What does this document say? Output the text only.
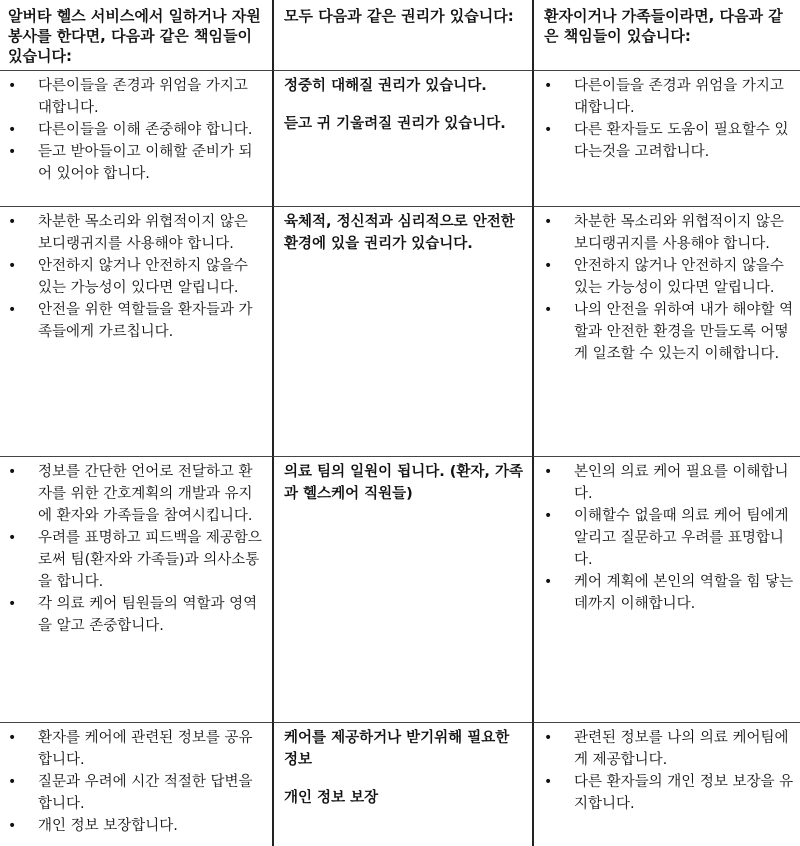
알버타 헬스 서비스에서 일하거나 자원봉사를 한다면, 다음과 같은 책임들이 있습니다:
모두 다음과 같은 권리가 있습니다:	환자이거나 가족들이라면, 다음과 같은 책임들이 있습니다:
• 다른이들을 존경과 위엄을 가지고 대합니다.
• 다른이들을 이해 존중해야 합니다.
• 듣고 받아들이고 이해할 준비가 되어 있어야 합니다.
정중히 대해질 권리가 있습니다.
듣고 귀 기울려질 권리가 있습니다.
• 다른이들을 존경과 위엄을 가지고 대합니다.
• 다른 환자들도 도움이 필요할수 있다는것을 고려합니다.
• 차분한 목소리와 위협적이지 않은 보디랭귀지를 사용해야 합니다.
• 안전하지 않거나 안전하지 않을수 있는 가능성이 있다면 알립니다.
• 안전을 위한 역할들을 환자들과 가족들에게 가르칩니다.
육체적, 정신적과 심리적으로 안전한 환경에 있을 권리가 있습니다.
• 차분한 목소리와 위협적이지 않은 보디랭귀지를 사용해야 합니다.
• 안전하지 않거나 안전하지 않을수 있는 가능성이 있다면 알립니다.
• 나의 안전을 위하여 내가 해야할 역할과 안전한 환경을 만들도록 어떻게 일조할 수 있는지 이해합니다.
• 정보를 간단한 언어로 전달하고 환자를 위한 간호계획의 개발과 유지에 환자와 가족들을 참여시킵니다.
• 우려를 표명하고 피드백을 제공함으로써 팀(환자와 가족들)과 의사소통을 합니다.
• 각 의료 케어 팀원들의 역할과 영역을 알고 존중합니다.
의료 팀의 일원이 됩니다. (환자, 가족과 헬스케어 직원들)
• 본인의 의료 케어 필요를 이해합니다.
• 이해할수 없을때 의료 케어 팀에게 알리고 질문하고 우려를 표명합니다.
• 케어 계획에 본인의 역할을 힘 닿는 데까지 이해합니다.
• 환자를 케어에 관련된 정보를 공유합니다.
• 질문과 우려에 시간 적절한 답변을 합니다.
• 개인 정보 보장합니다.
케어를 제공하거나 받기위해 필요한 정보
개인 정보 보장
• 관련된 정보를 나의 의료 케어팀에게 제공합니다.
• 다른 환자들의 개인 정보 보장을 유지합니다.
